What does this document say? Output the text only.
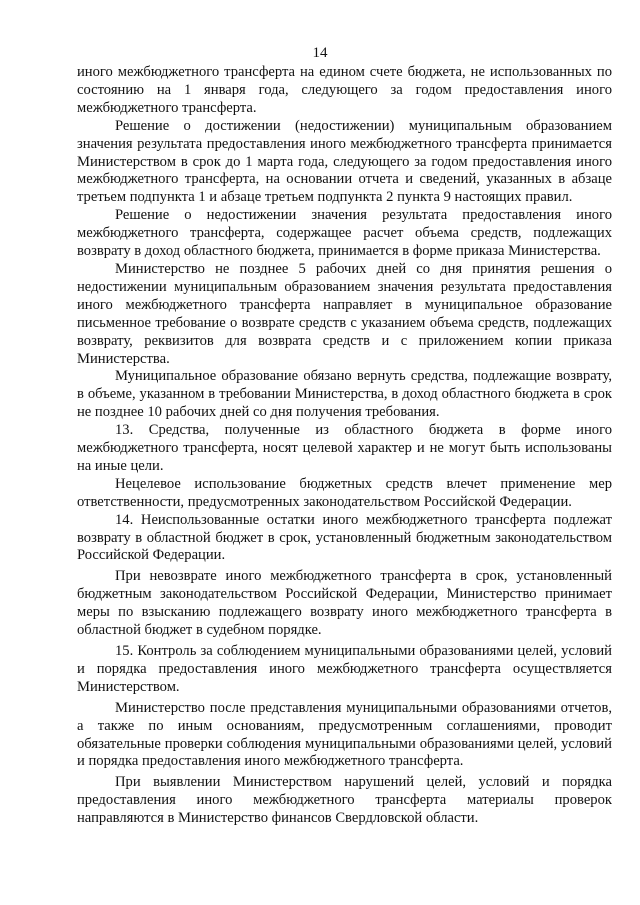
14

иного межбюджетного трансферта на едином счете бюджета, не использованных по состоянию на 1 января года, следующего за годом предоставления иного межбюджетного трансферта.

Решение о достижении (недостижении) муниципальным образованием значения результата предоставления иного межбюджетного трансферта принимается Министерством в срок до 1 марта года, следующего за годом предоставления иного межбюджетного трансферта, на основании отчета и сведений, указанных в абзаце третьем подпункта 1 и абзаце третьем подпункта 2 пункта 9 настоящих правил.

Решение о недостижении значения результата предоставления иного межбюджетного трансферта, содержащее расчет объема средств, подлежащих возврату в доход областного бюджета, принимается в форме приказа Министерства.

Министерство не позднее 5 рабочих дней со дня принятия решения о недостижении муниципальным образованием значения результата предоставления иного межбюджетного трансферта направляет в муниципальное образование письменное требование о возврате средств с указанием объема средств, подлежащих возврату, реквизитов для возврата средств и с приложением копии приказа Министерства.

Муниципальное образование обязано вернуть средства, подлежащие возврату, в объеме, указанном в требовании Министерства, в доход областного бюджета в срок не позднее 10 рабочих дней со дня получения требования.

13. Средства, полученные из областного бюджета в форме иного межбюджетного трансферта, носят целевой характер и не могут быть использованы на иные цели.

Нецелевое использование бюджетных средств влечет применение мер ответственности, предусмотренных законодательством Российской Федерации.

14. Неиспользованные остатки иного межбюджетного трансферта подлежат возврату в областной бюджет в срок, установленный бюджетным законодательством Российской Федерации.

При невозврате иного межбюджетного трансферта в срок, установленный бюджетным законодательством Российской Федерации, Министерство принимает меры по взысканию подлежащего возврату иного межбюджетного трансферта в областной бюджет в судебном порядке.

15. Контроль за соблюдением муниципальными образованиями целей, условий и порядка предоставления иного межбюджетного трансферта осуществляется Министерством.

Министерство после представления муниципальными образованиями отчетов, а также по иным основаниям, предусмотренным соглашениями, проводит обязательные проверки соблюдения муниципальными образованиями целей, условий и порядка предоставления иного межбюджетного трансферта.

При выявлении Министерством нарушений целей, условий и порядка предоставления иного межбюджетного трансферта материалы проверок направляются в Министерство финансов Свердловской области.
